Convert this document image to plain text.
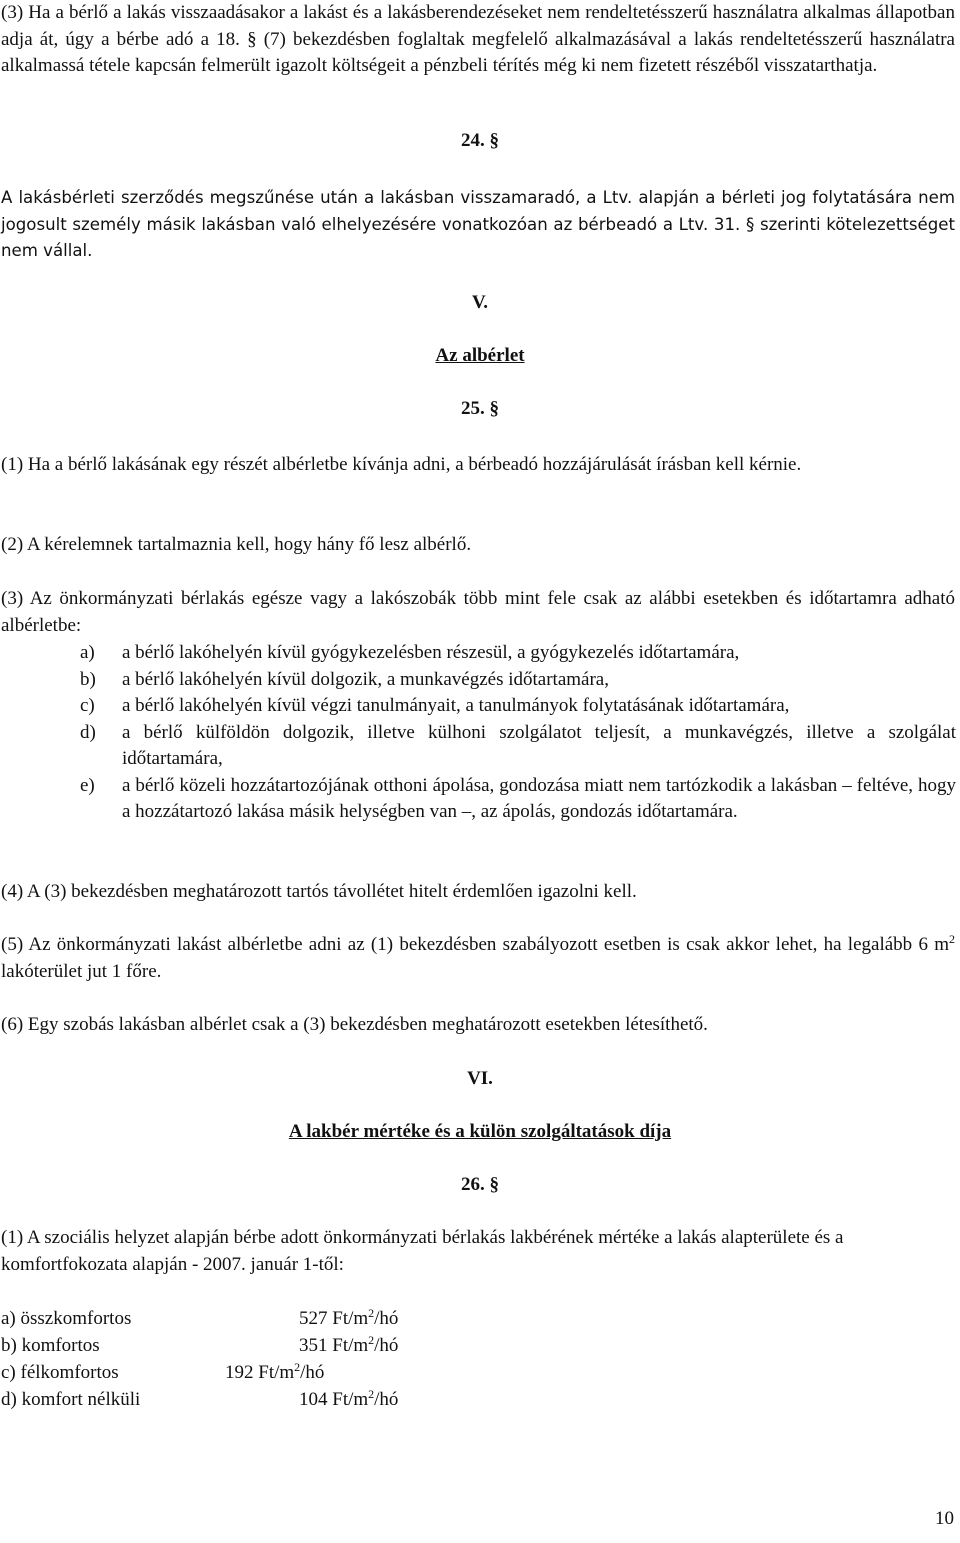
(3) Ha a bérlő a lakás visszaadásakor a lakást és a lakásberendezéseket nem rendeltetésszerű használatra alkalmas állapotban adja át, úgy a bérbe adó a 18. § (7) bekezdésben foglaltak megfelelő alkalmazásával a lakás rendeltetésszerű használatra alkalmassá tétele kapcsán felmerült igazolt költségeit a pénzbeli térítés még ki nem fizetett részéből visszatarthatja.

24. §

A lakásbérleti szerződés megszűnése után a lakásban visszamaradó, a Ltv. alapján a bérleti jog folytatására nem jogosult személy másik lakásban való elhelyezésére vonatkozóan az bérbeadó a Ltv. 31. § szerinti kötelezettséget nem vállal.

V.

Az albérlet

25. §

(1) Ha a bérlő lakásának egy részét albérletbe kívánja adni, a bérbeadó hozzájárulását írásban kell kérnie.

(2) A kérelemnek tartalmaznia kell, hogy hány fő lesz albérlő.

(3) Az önkormányzati bérlakás egésze vagy a lakószobák több mint fele csak az alábbi esetekben és időtartamra adható albérletbe:

a) a bérlő lakóhelyén kívül gyógykezelésben részesül, a gyógykezelés időtartamára,
b) a bérlő lakóhelyén kívül dolgozik, a munkavégzés időtartamára,
c) a bérlő lakóhelyén kívül végzi tanulmányait, a tanulmányok folytatásának időtartamára,
d) a bérlő külföldön dolgozik, illetve külhoni szolgálatot teljesít, a munkavégzés, illetve a szolgálat időtartamára,
e) a bérlő közeli hozzátartozójának otthoni ápolása, gondozása miatt nem tartózkodik a lakásban – feltéve, hogy a hozzátartozó lakása másik helységben van –, az ápolás, gondozás időtartamára.

(4) A (3) bekezdésben meghatározott tartós távollétet hitelt érdemlően igazolni kell.

(5) Az önkormányzati lakást albérletbe adni az (1) bekezdésben szabályozott esetben is csak akkor lehet, ha legalább 6 $m^2$ lakóterület jut 1 főre.

(6) Egy szobás lakásban albérlet csak a (3) bekezdésben meghatározott esetekben létesíthető.

VI.

A lakbér mértéke és a külön szolgáltatások díja

26. §

(1) A szociális helyzet alapján bérbe adott önkormányzati bérlakás lakbérének mértéke a lakás alapterülete és a komfortfokozata alapján - 2007. január 1-től:

a) összkomfortos	527 $Ft/m^2/hó$
b) komfortos	351 $Ft/m^2/hó$
c) félkomfortos	192 $Ft/m^2/hó$
d) komfort nélküli	104 $Ft/m^2/hó$
10
